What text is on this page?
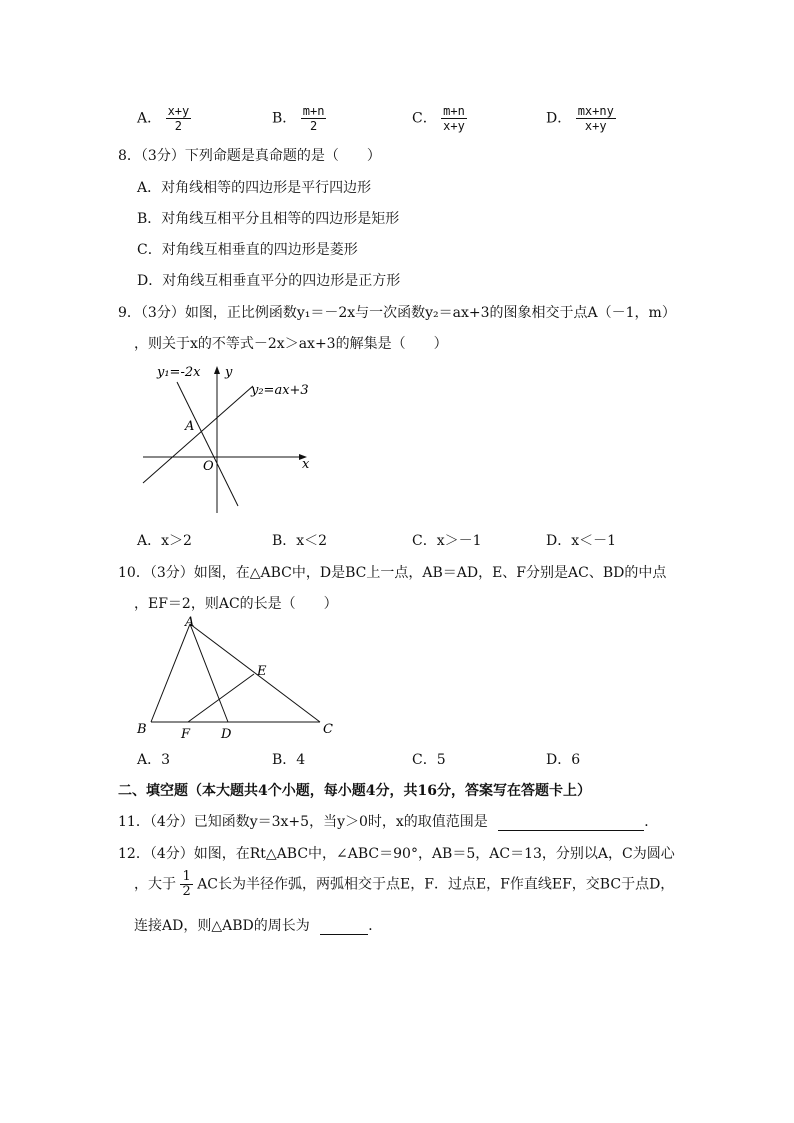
A． $\frac{x+y}{2}$	B． $\frac{m+n}{2}$	C． $\frac{m+n}{x+y}$	D． $\frac{mx+ny}{x+y}$
8．（3分）下列命题是真命题的是（　　）
A．对角线相等的四边形是平行四边形
B．对角线互相平分且相等的四边形是矩形
C．对角线互相垂直的四边形是菱形
D．对角线互相垂直平分的四边形是正方形
9．（3分）如图，正比例函数y₁＝－2x与一次函数y₂＝ax+3的图象相交于点A（－1，m）
，则关于x的不等式－2x＞ax+3的解集是（　　）
y₁=-2x y
y₂=ax+3
A
O	x
A．x＞2	B．x＜2	C．x＞－1	D．x＜－1
10．（3分）如图，在△ABC中，D是BC上一点，AB＝AD，E、F分别是AC、BD的中点
，EF＝2，则AC的长是（　　）
A
E
B	F D	C
A．3	B．4	C．5	D．6
二、填空题（本大题共4个小题，每小题4分，共16分，答案写在答题卡上）
11．（4分）已知函数y＝3x+5，当y＞0时，x的取值范围是	．
12．（4分）如图，在Rt△ABC中，∠ABC＝90°，AB＝5，AC＝13，分别以A，C为圆心
，大于 $\frac{1}{2}$ AC长为半径作弧，两弧相交于点E，F．过点E，F作直线EF，交BC于点D，
连接AD，则△ABD的周长为	．
